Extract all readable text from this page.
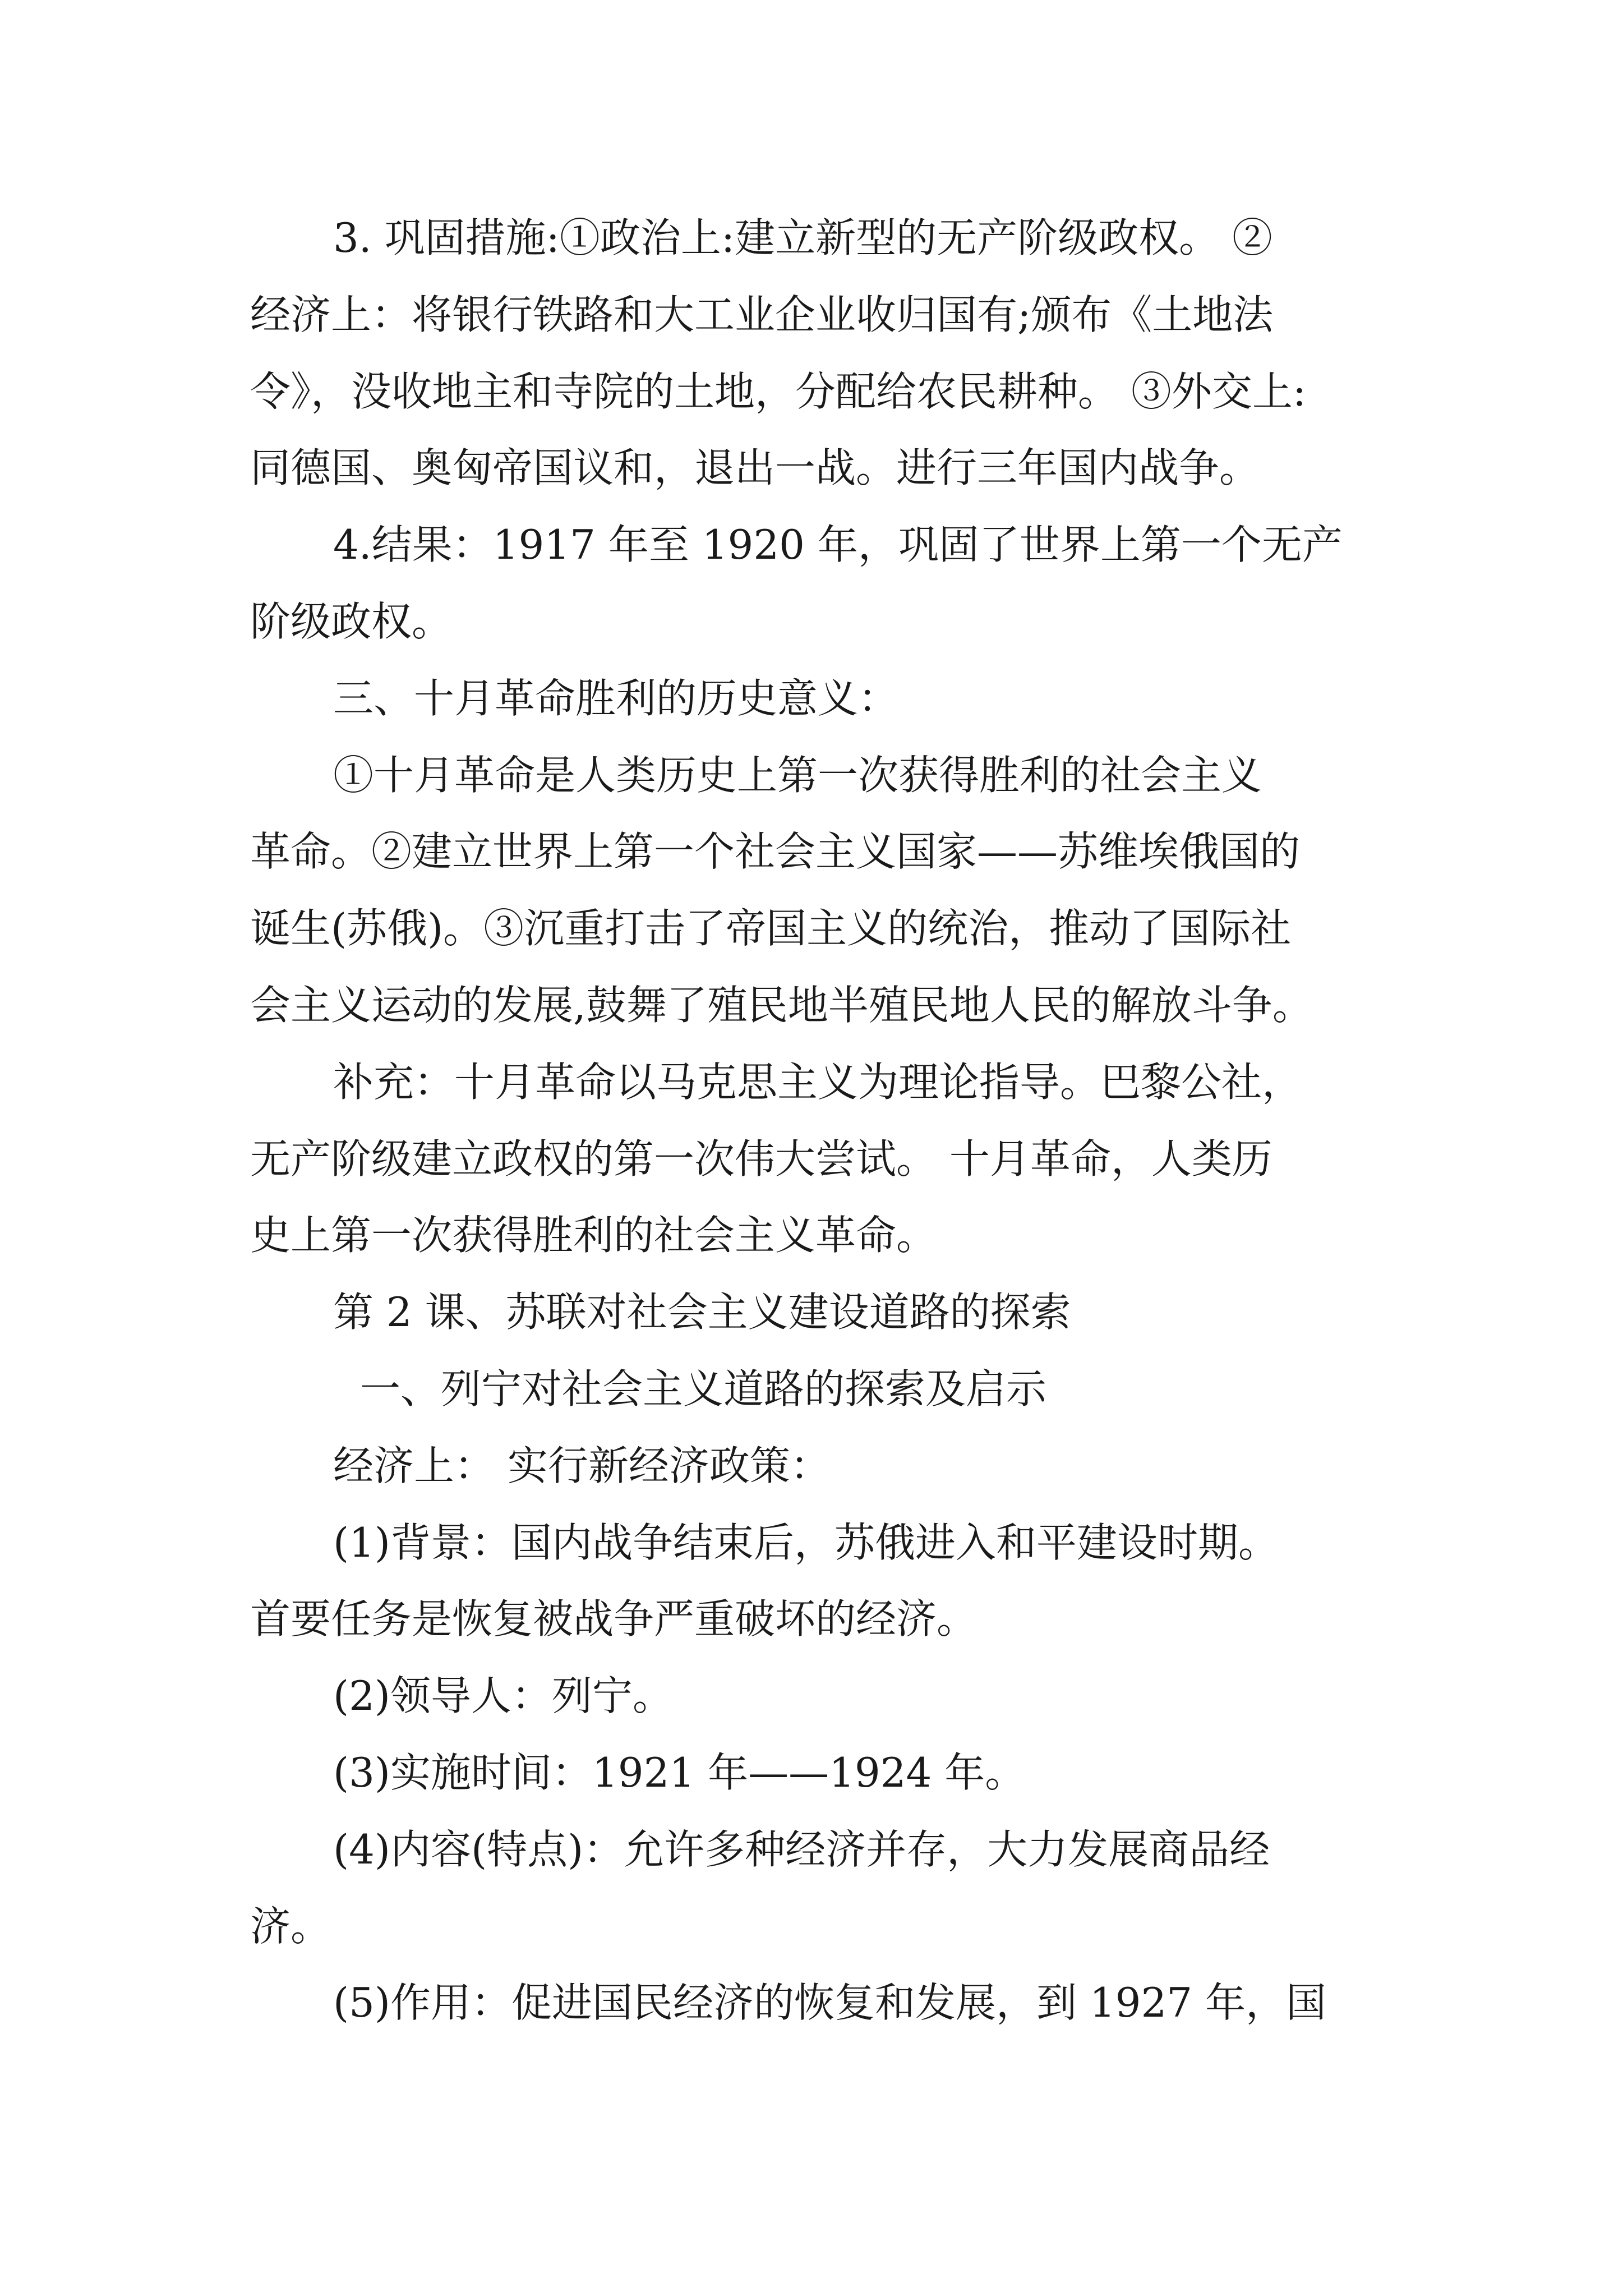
3. 巩固措施:①政治上:建立新型的无产阶级政权。 ②
经济上：将银行铁路和大工业企业收归国有;颁布《土地法
令》，没收地主和寺院的土地，分配给农民耕种。 ③外交上:
同德国、奥匈帝国议和，退出一战。进行三年国内战争。
4.结果：1917 年至 1920 年，巩固了世界上第一个无产
阶级政权。
三、十月革命胜利的历史意义：
①十月革命是人类历史上第一次获得胜利的社会主义
革命。②建立世界上第一个社会主义国家——苏维埃俄国的
诞生(苏俄)。③沉重打击了帝国主义的统治，推动了国际社
会主义运动的发展,鼓舞了殖民地半殖民地人民的解放斗争。
补充：十月革命以马克思主义为理论指导。巴黎公社，
无产阶级建立政权的第一次伟大尝试。 十月革命，人类历
史上第一次获得胜利的社会主义革命。
第 2 课、苏联对社会主义建设道路的探索
一、列宁对社会主义道路的探索及启示
经济上： 实行新经济政策：
(1)背景：国内战争结束后，苏俄进入和平建设时期。
首要任务是恢复被战争严重破坏的经济。
(2)领导人：列宁。
(3)实施时间：1921 年——1924 年。
(4)内容(特点)：允许多种经济并存，大力发展商品经
济。
(5)作用：促进国民经济的恢复和发展，到 1927 年，国
